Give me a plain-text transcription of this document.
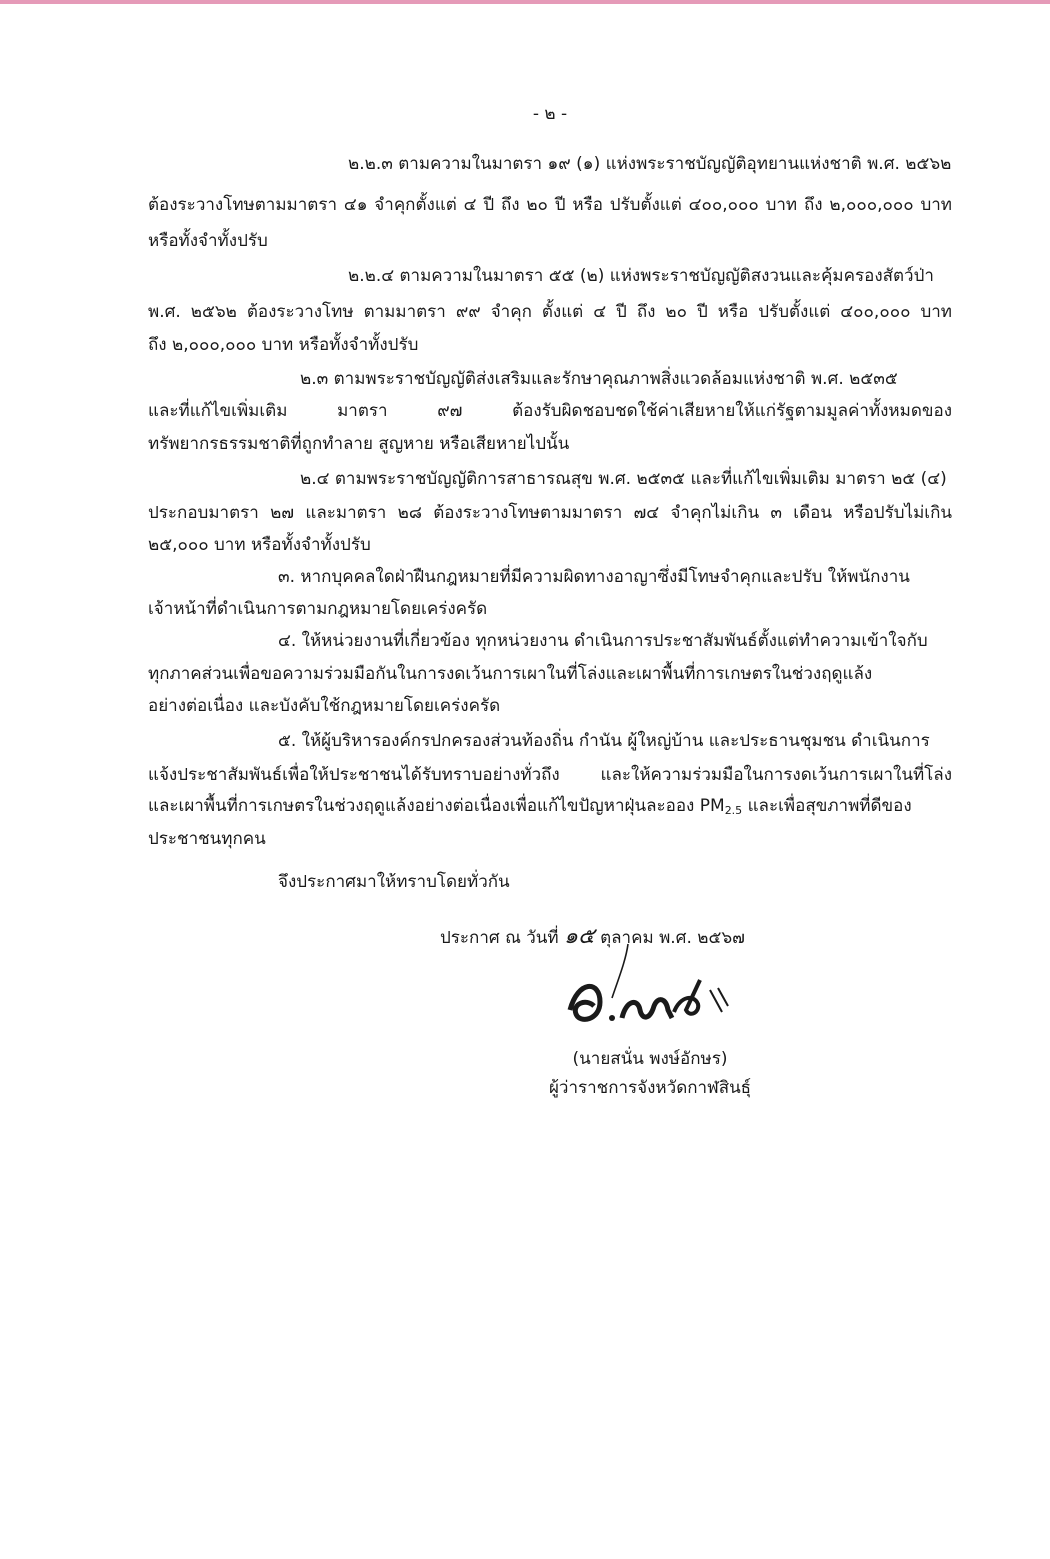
- ๒ -
๒.๒.๓ ตามความในมาตรา ๑๙ (๑) แห่งพระราชบัญญัติอุทยานแห่งชาติ พ.ศ. ๒๕๖๒
ต้องระวางโทษตามมาตรา ๔๑ จำคุกตั้งแต่ ๔ ปี ถึง ๒๐ ปี หรือ ปรับตั้งแต่ ๔๐๐,๐๐๐ บาท ถึง ๒,๐๐๐,๐๐๐ บาท
หรือทั้งจำทั้งปรับ
๒.๒.๔ ตามความในมาตรา ๕๕ (๒) แห่งพระราชบัญญัติสงวนและคุ้มครองสัตว์ป่า
พ.ศ. ๒๕๖๒ ต้องระวางโทษ ตามมาตรา ๙๙ จำคุก ตั้งแต่ ๔ ปี ถึง ๒๐ ปี หรือ ปรับตั้งแต่ ๔๐๐,๐๐๐ บาท
ถึง ๒,๐๐๐,๐๐๐ บาท หรือทั้งจำทั้งปรับ
๒.๓ ตามพระราชบัญญัติส่งเสริมและรักษาคุณภาพสิ่งแวดล้อมแห่งชาติ พ.ศ. ๒๕๓๕
และที่แก้ไขเพิ่มเติม มาตรา ๙๗ ต้องรับผิดชอบชดใช้ค่าเสียหายให้แก่รัฐตามมูลค่าทั้งหมดของ
ทรัพยากรธรรมชาติที่ถูกทำลาย สูญหาย หรือเสียหายไปนั้น
๒.๔ ตามพระราชบัญญัติการสาธารณสุข พ.ศ. ๒๕๓๕ และที่แก้ไขเพิ่มเติม มาตรา ๒๕ (๔)
ประกอบมาตรา ๒๗ และมาตรา ๒๘ ต้องระวางโทษตามมาตรา ๗๔ จำคุกไม่เกิน ๓ เดือน หรือปรับไม่เกิน
๒๕,๐๐๐ บาท หรือทั้งจำทั้งปรับ
๓. หากบุคคลใดฝ่าฝืนกฎหมายที่มีความผิดทางอาญาซึ่งมีโทษจำคุกและปรับ ให้พนักงาน
เจ้าหน้าที่ดำเนินการตามกฎหมายโดยเคร่งครัด
๔. ให้หน่วยงานที่เกี่ยวข้อง ทุกหน่วยงาน ดำเนินการประชาสัมพันธ์ตั้งแต่ทำความเข้าใจกับ
ทุกภาคส่วนเพื่อขอความร่วมมือกันในการงดเว้นการเผาในที่โล่งและเผาพื้นที่การเกษตรในช่วงฤดูแล้ง
อย่างต่อเนื่อง และบังคับใช้กฎหมายโดยเคร่งครัด
๕. ให้ผู้บริหารองค์กรปกครองส่วนท้องถิ่น กำนัน ผู้ใหญ่บ้าน และประธานชุมชน ดำเนินการ
แจ้งประชาสัมพันธ์เพื่อให้ประชาชนได้รับทราบอย่างทั่วถึง และให้ความร่วมมือในการงดเว้นการเผาในที่โล่ง
และเผาพื้นที่การเกษตรในช่วงฤดูแล้งอย่างต่อเนื่องเพื่อแก้ไขปัญหาฝุ่นละออง $PM_{2.5}$ และเพื่อสุขภาพที่ดีของ
ประชาชนทุกคน
จึงประกาศมาให้ทราบโดยทั่วกัน
ประกาศ ณ วันที่ ๑๕ ตุลาคม พ.ศ. ๒๕๖๗
(นายสนั่น พงษ์อักษร)
ผู้ว่าราชการจังหวัดกาฬสินธุ์
